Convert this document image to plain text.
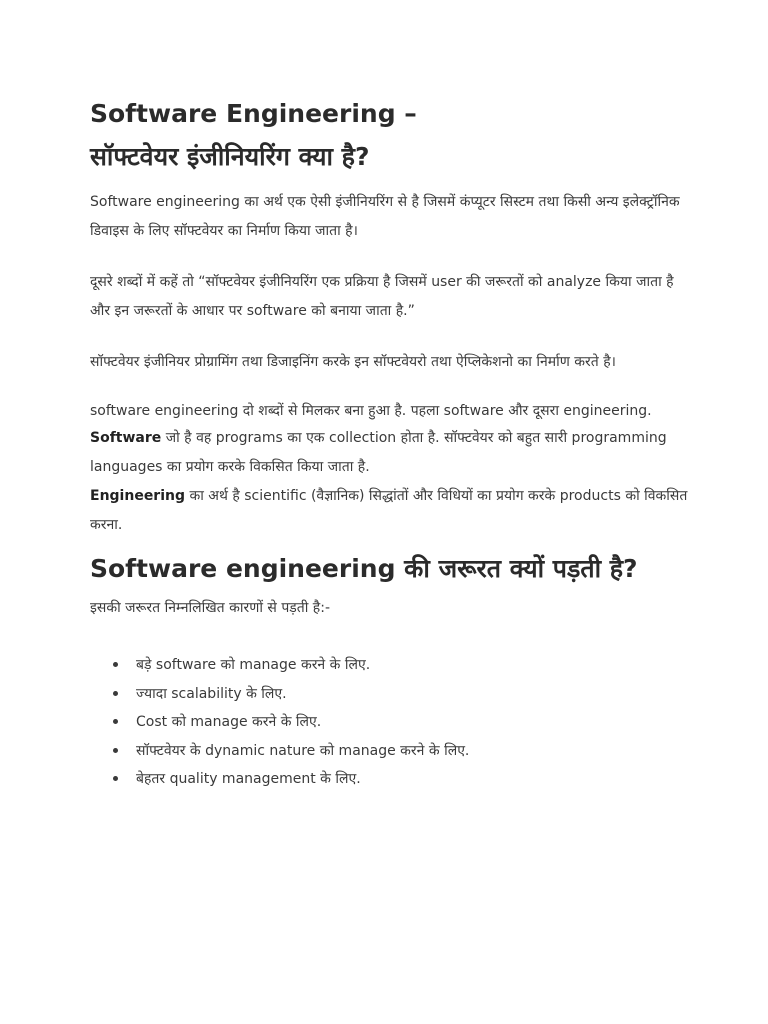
Software Engineering –
सॉफ्टवेयर इंजीनियरिंग क्या है?

Software engineering का अर्थ एक ऐसी इंजीनियरिंग से है जिसमें कंप्यूटर सिस्टम तथा किसी अन्य इलेक्ट्रॉनिक डिवाइस के लिए सॉफ्टवेयर का निर्माण किया जाता है।

दूसरे शब्दों में कहें तो “सॉफ्टवेयर इंजीनियरिंग एक प्रक्रिया है जिसमें user की जरूरतों को analyze किया जाता है और इन जरूरतों के आधार पर software को बनाया जाता है.”

सॉफ्टवेयर इंजीनियर प्रोग्रामिंग तथा डिजाइनिंग करके इन सॉफ्टवेयरो तथा ऐप्लिकेशनो का निर्माण करते है।

software engineering दो शब्दों से मिलकर बना हुआ है. पहला software और दूसरा engineering.

Software जो है वह programs का एक collection होता है. सॉफ्टवेयर को बहुत सारी programming languages का प्रयोग करके विकसित किया जाता है.

Engineering का अर्थ है scientific (वैज्ञानिक) सिद्धांतों और विधियों का प्रयोग करके products को विकसित करना.

Software engineering की जरूरत क्यों पड़ती है?

इसकी जरूरत निम्नलिखित कारणों से पड़ती है:-

बड़े software को manage करने के लिए.
ज्यादा scalability के लिए.
Cost को manage करने के लिए.
सॉफ्टवेयर के dynamic nature को manage करने के लिए.
बेहतर quality management के लिए.
